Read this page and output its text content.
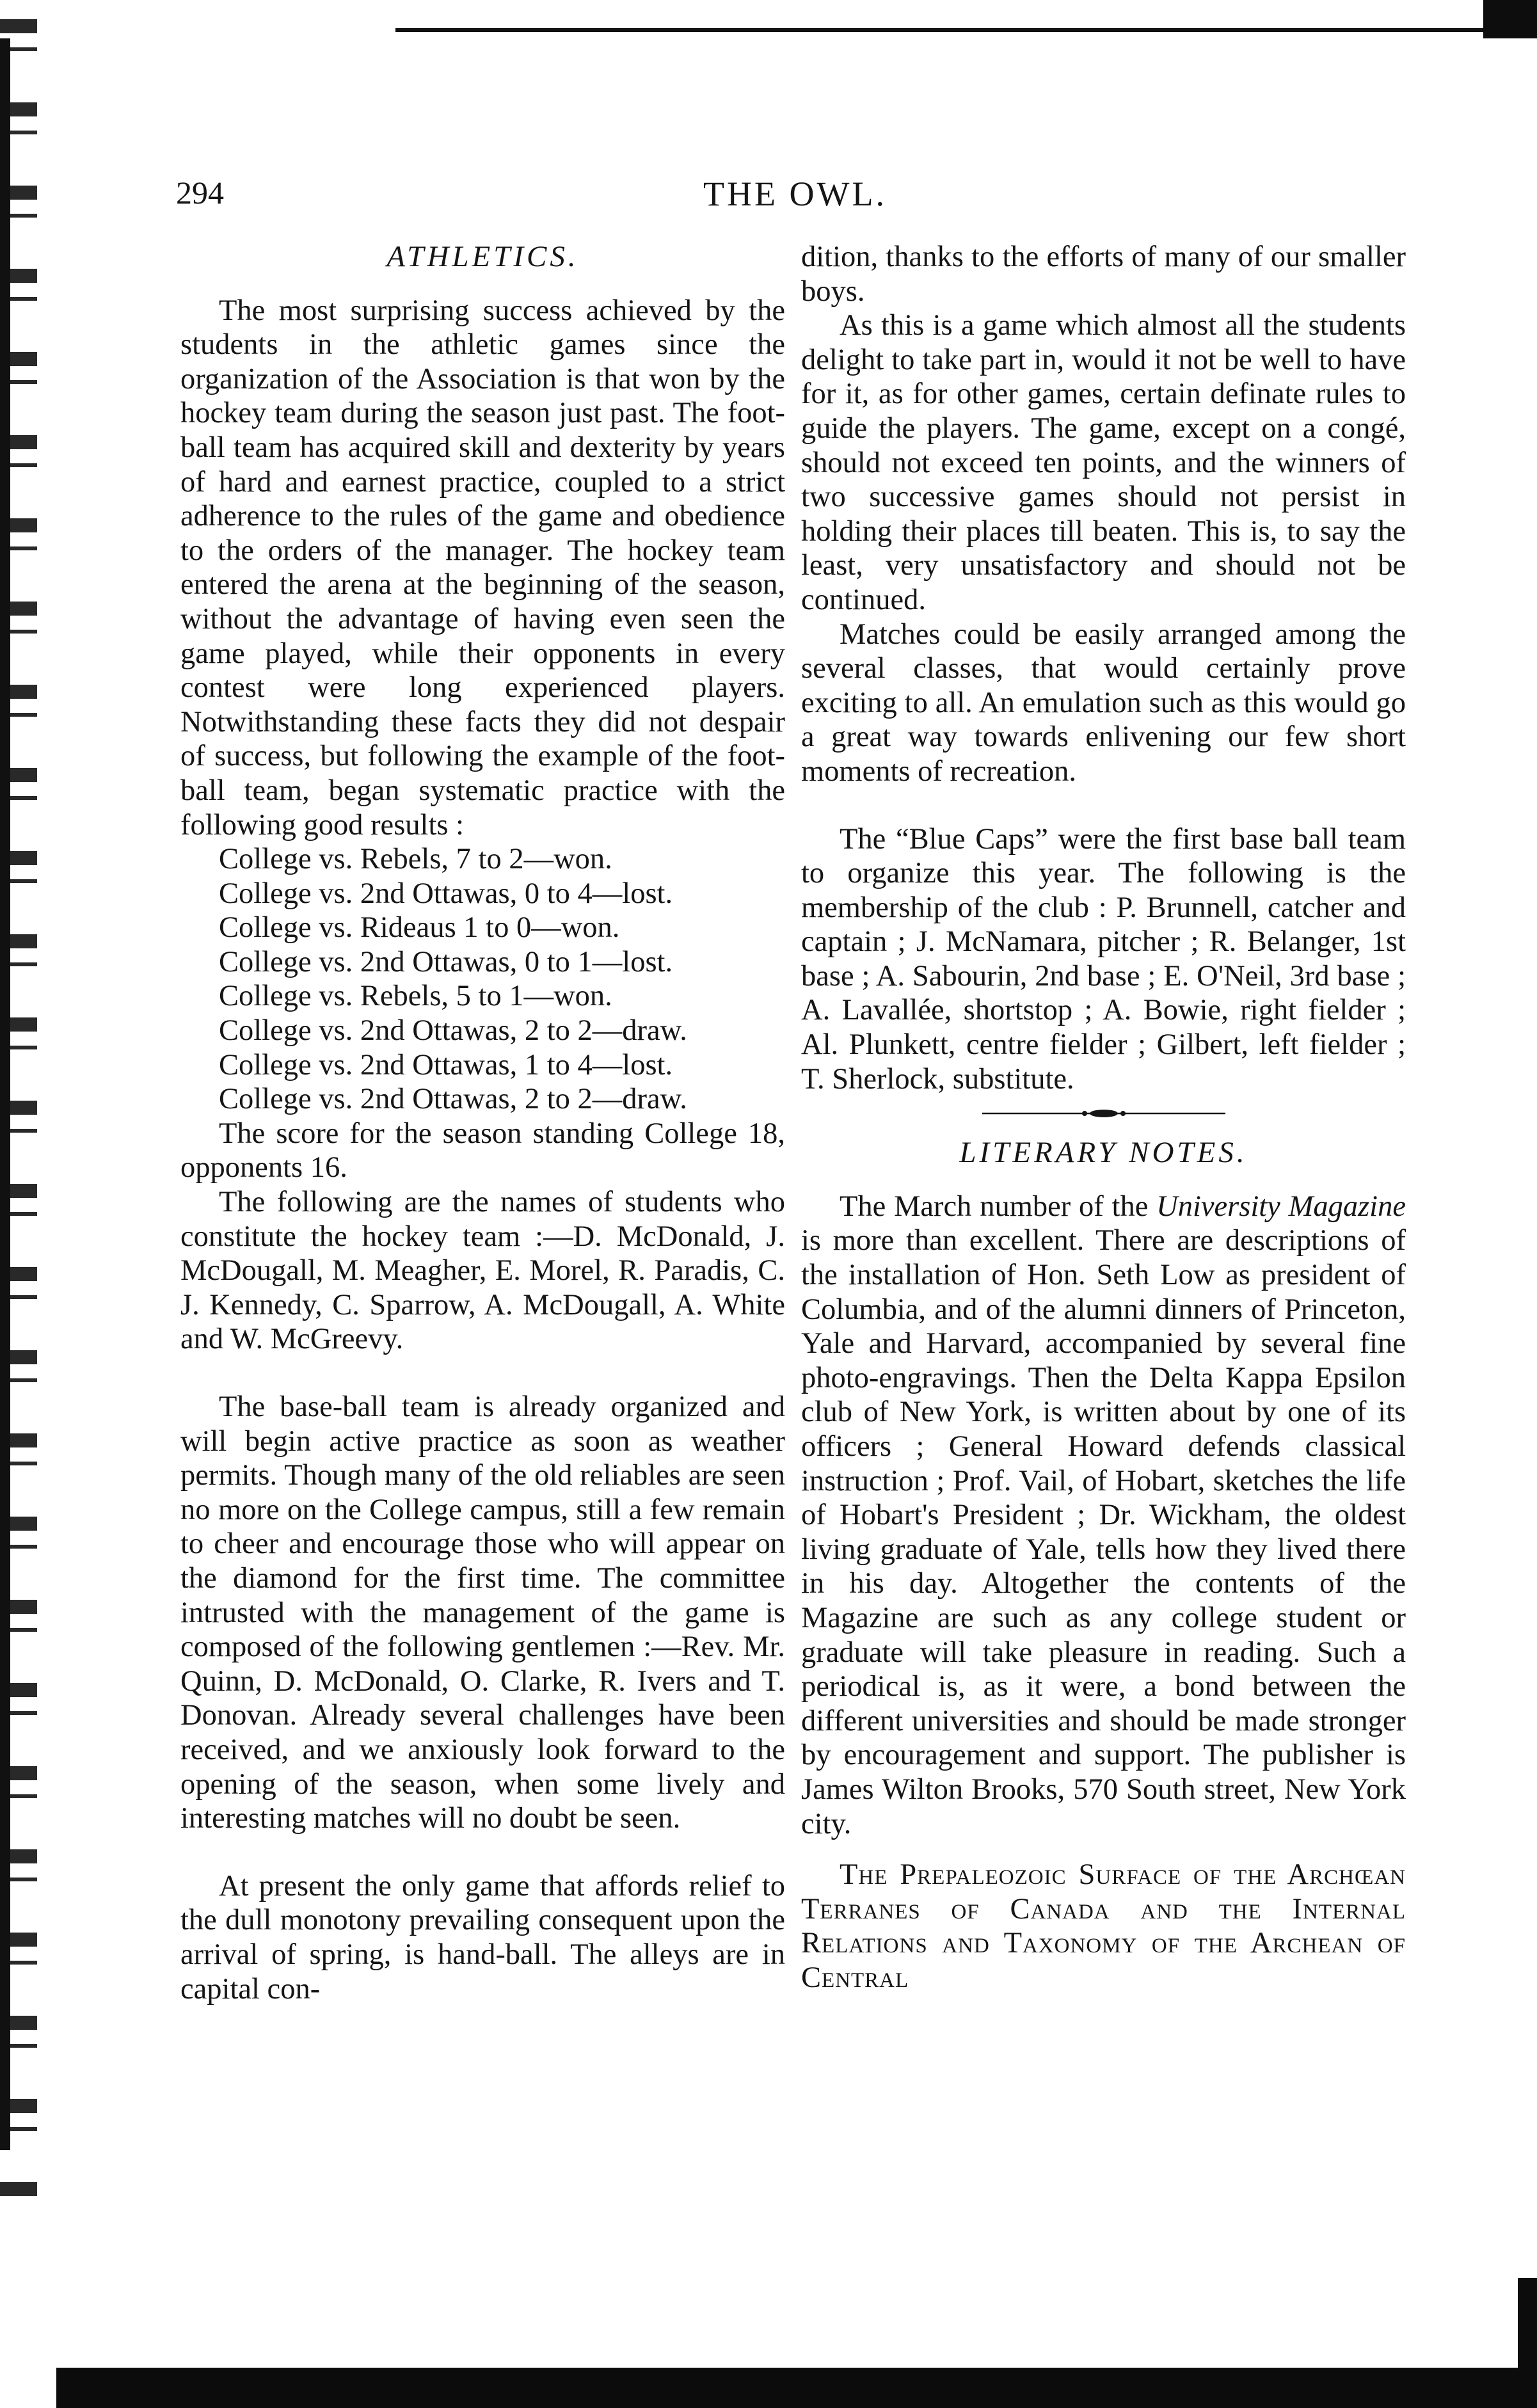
294	THE OWL.
ATHLETICS.

The most surprising success achieved by the students in the athletic games since the organization of the Association is that won by the hockey team during the season just past. The foot-ball team has acquired skill and dexterity by years of hard and earnest practice, coupled to a strict adherence to the rules of the game and obedience to the orders of the manager. The hockey team entered the arena at the beginning of the season, without the advantage of having even seen the game played, while their opponents in every contest were long experienced players. Notwithstanding these facts they did not despair of success, but following the example of the foot-ball team, began systematic practice with the following good results :

College vs. Rebels, 7 to 2—won.
College vs. 2nd Ottawas, 0 to 4—lost.
College vs. Rideaus 1 to 0—won.
College vs. 2nd Ottawas, 0 to 1—lost.
College vs. Rebels, 5 to 1—won.
College vs. 2nd Ottawas, 2 to 2—draw.
College vs. 2nd Ottawas, 1 to 4—lost.
College vs. 2nd Ottawas, 2 to 2—draw.

The score for the season standing College 18, opponents 16.

The following are the names of students who constitute the hockey team :—D. McDonald, J. McDougall, M. Meagher, E. Morel, R. Paradis, C. J. Kennedy, C. Sparrow, A. McDougall, A. White and W. McGreevy.

The base-ball team is already organized and will begin active practice as soon as weather permits. Though many of the old reliables are seen no more on the College campus, still a few remain to cheer and encourage those who will appear on the diamond for the first time. The committee intrusted with the management of the game is composed of the following gentlemen :—Rev. Mr. Quinn, D. McDonald, O. Clarke, R. Ivers and T. Donovan. Already several challenges have been received, and we anxiously look forward to the opening of the season, when some lively and interesting matches will no doubt be seen.

At present the only game that affords relief to the dull monotony prevailing consequent upon the arrival of spring, is hand-ball. The alleys are in capital con-

dition, thanks to the efforts of many of our smaller boys.

As this is a game which almost all the students delight to take part in, would it not be well to have for it, as for other games, certain definate rules to guide the players. The game, except on a congé, should not exceed ten points, and the winners of two successive games should not persist in holding their places till beaten. This is, to say the least, very unsatisfactory and should not be continued.

Matches could be easily arranged among the several classes, that would certainly prove exciting to all. An emulation such as this would go a great way towards enlivening our few short moments of recreation.

The “Blue Caps” were the first base ball team to organize this year. The following is the membership of the club : P. Brunnell, catcher and captain ; J. McNamara, pitcher ; R. Belanger, 1st base ; A. Sabourin, 2nd base ; E. O'Neil, 3rd base ; A. Lavallée, shortstop ; A. Bowie, right fielder ; Al. Plunkett, centre fielder ; Gilbert, left fielder ; T. Sherlock, substitute.

LITERARY NOTES.

The March number of the University Magazine is more than excellent. There are descriptions of the installation of Hon. Seth Low as president of Columbia, and of the alumni dinners of Princeton, Yale and Harvard, accompanied by several fine photo-engravings. Then the Delta Kappa Epsilon club of New York, is written about by one of its officers ; General Howard defends classical instruction ; Prof. Vail, of Hobart, sketches the life of Hobart's President ; Dr. Wickham, the oldest living graduate of Yale, tells how they lived there in his day. Altogether the contents of the Magazine are such as any college student or graduate will take pleasure in reading. Such a periodical is, as it were, a bond between the different universities and should be made stronger by encouragement and support. The publisher is James Wilton Brooks, 570 South street, New York city.

The Prepaleozoic Surface of the Archœan Terranes of Canada and the Internal Relations and Taxonomy of the Archean of Central
